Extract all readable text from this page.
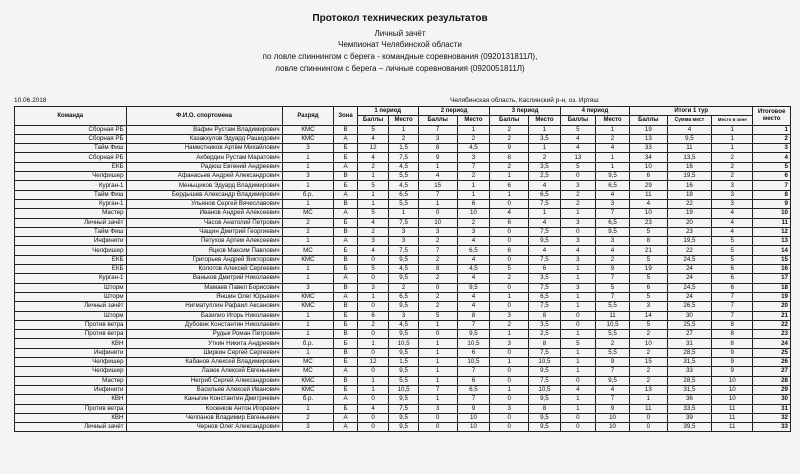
Протокол технических результатов
Личный зачёт
Чемпионат Челябинской области
по ловле спиннингом с берега - командные соревнования (0920131811Л),
ловле спиннингом с берега – личные соревнования (0920051811Л)
10.06.2018	Челябинская область, Каслинский р-н, оз. Иртяш
Команда	Ф.И.О. спортсмена	Разряд	Зона	1 период		2 период		3 период		4 период		Итоги 1 тур			Итоговое место
				Баллы	Место	Баллы	Место	Баллы	Место	Баллы	Место	Баллы	Сумма мест	Место в зоне	
Сборная РБ	Вафин Рустам Владимирович	КМС	В	5	1	7	1	2	1	5	1	19	4	1	1
Сборная РБ	Казакхулов Эдуард Рашидович	КМС	А	4	2	3	2	2	3,5	4	2	13	9,5	1	2
Тайм Фиш	Наместников Артём Михайлович	3	Б	12	1,5	8	4,5	9	1	4	4	33	11	1	3
Сборная РБ	Акбердин Рустам Маратович	1	Б	4	7,5	9	3	8	2	13	1	34	13,5	2	4
ЕКБ	Радюш Евгений Андреевич	1	А	2	4,5	1	7	2	3,5	5	1	10	16	2	5
Челфишер	Афанасьев Андрей Александрович	3	В	1	5,5	4	2	1	2,5	0	9,5	6	19,5	2	6
Курган-1	Меньщиков Эдуард Владимирович	1	Б	5	4,5	15	1	6	4	3	6,5	29	16	3	7
Тайм Фиш	Бердышев Александр Владимирович	б.р.	А	1	6,5	7	1	1	6,5	2	4	11	18	3	8
Курган-1	Ульянов Сергей Вячеславович	1	В	1	5,5	1	6	0	7,5	2	3	4	22	3	9
Мастер	Иванов Андрей Алексеевич	МС	А	5	1	0	10	4	1	1	7	10	19	4	10
Личный зачёт	Часов Анатолий Петрович	2	Б	4	7,5	10	2	6	4	3	6,5	23	20	4	11
Тайм Фиш	Чащин Дмитрий Георгиевич	2	В	2	3	3	3	0	7,5	0	9,5	5	23	4	12
Инфинити	Петухов Артем Алексеевич	1	А	3	3	2	4	0	9,5	3	3	8	19,5	5	13
Челфишер	Яцков Максим Павлович	МС	Б	4	7,5	7	6,5	6	4	4	4	21	22	5	14
ЕКБ	Григорьев Андрей Викторович	КМС	В	0	9,5	2	4	0	7,5	3	2	5	24,5	5	15
ЕКБ	Колотов Алексей Сергеевич	1	Б	5	4,5	8	4,5	5	6	1	9	19	24	6	16
Курган-1	Ваньков Дмитрий Николаевич	1	А	0	9,5	2	4	2	3,5	1	7	5	24	6	17
Шторм	Мамаев Павел Борисович	3	В	3	2	0	9,5	0	7,5	3	5	6	24,5	6	18
Шторм	Яншин Олег Юрьевич	КМС	А	1	6,5	2	4	1	6,5	1	7	5	24	7	19
Личный зачёт	Нигматуллин Рафаил Аксанович	КМС	В	0	9,5	2	4	0	7,5	1	5,5	3	26,5	7	20
Шторм	Базилио Игорь Николаевич	1	Б	6	3	5	8	3	8	0	11	14	30	7	21
Против ветра	Дубовик Константин Николаевич	1	Б	2	4,5	1	7	2	3,5	0	10,5	5	25,5	8	22
Против ветра	Рудык Роман Петрович	1	В	0	9,5	0	9,5	1	2,5	1	5,5	2	27	8	23
КВН	Уткин Никита Андреевич	б.р.	Б	1	10,5	1	10,5	3	8	5	2	10	31	8	24
Инфинити	Ширкин Сергей Сергеевич	1	В	0	9,5	1	6	0	7,5	1	5,5	2	28,5	9	25
Челфишер	Кабанов Алексей Владимирович	МС	Б	12	1,5	1	10,5	1	10,5	1	9	15	31,5	9	26
Челфишер	Лазюк Алексей Евгеньевич	МС	А	0	9,5	1	7	0	9,5	1	7	2	33	9	27
Мастер	Негриб Сергей Александрович	КМС	В	1	5,5	1	6	0	7,5	0	9,5	2	28,5	10	28
Инфинити	Васильев Алексей Иванович	КМС	Б	1	10,5	7	6,5	1	10,5	4	4	13	31,5	10	29
КВН	Каныгин Константин Дмитриевич	б.р.	А	0	9,5	1	7	0	9,5	1	7	1	36	10	30
Против ветра	Косенков Антон Игоревич	1	Б	4	7,5	3	9	3	8	1	9	11	33,5	11	31
КВН	Челпанов Владимир Евгеньевич	2	А	0	9,5	0	10	0	9,5	0	10	0	39	11	32
Личный зачёт	Чернов Олег Александрович	3	А	0	9,5	0	10	0	9,5	0	10	0	39,5	11	33
